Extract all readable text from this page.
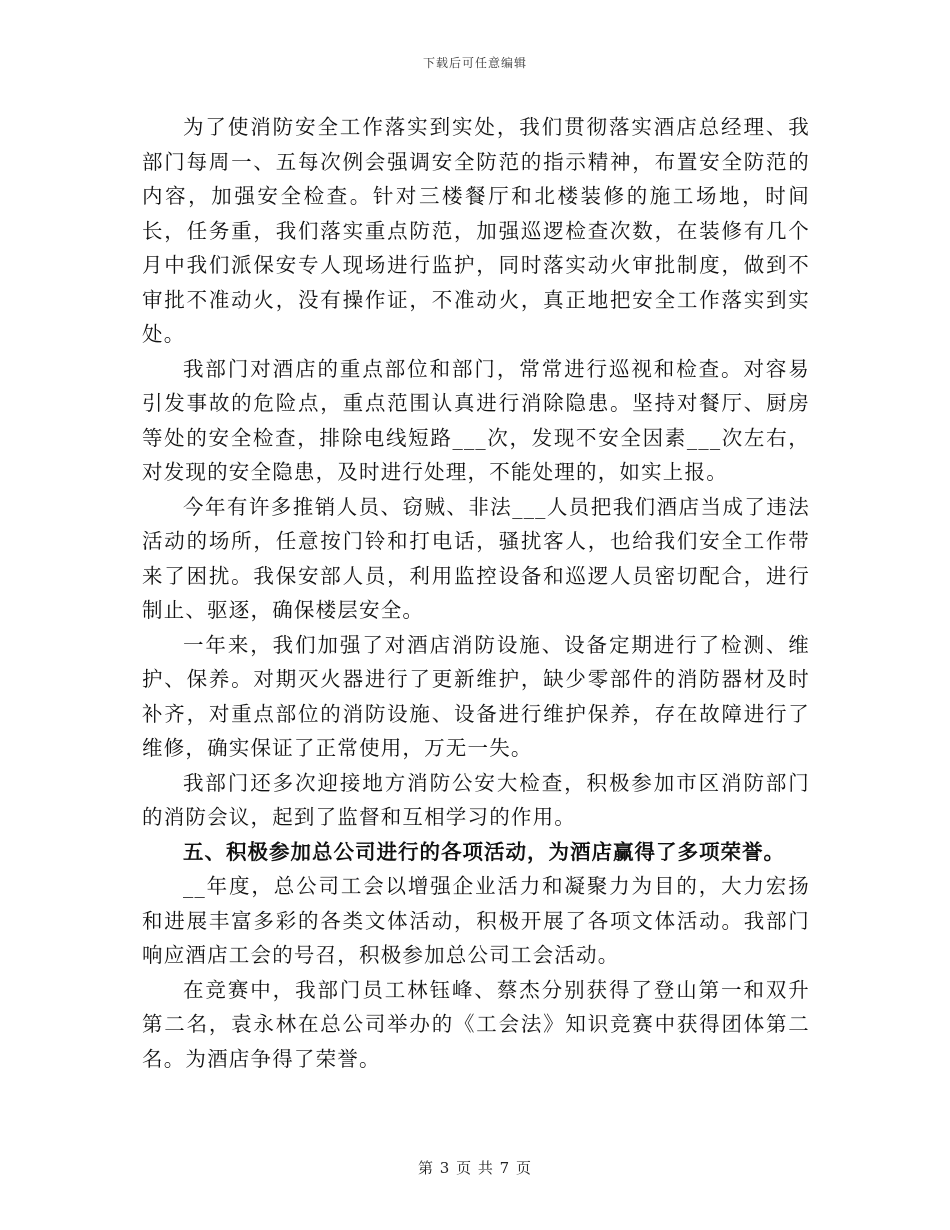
下载后可任意编辑

为了使消防安全工作落实到实处，我们贯彻落实酒店总经理、我部门每周一、五每次例会强调安全防范的指示精神，布置安全防范的内容，加强安全检查。针对三楼餐厅和北楼装修的施工场地，时间长，任务重，我们落实重点防范，加强巡逻检查次数，在装修有几个月中我们派保安专人现场进行监护，同时落实动火审批制度，做到不审批不准动火，没有操作证，不准动火，真正地把安全工作落实到实处。

我部门对酒店的重点部位和部门，常常进行巡视和检查。对容易引发事故的危险点，重点范围认真进行消除隐患。坚持对餐厅、厨房等处的安全检查，排除电线短路___次，发现不安全因素___次左右，对发现的安全隐患，及时进行处理，不能处理的，如实上报。

今年有许多推销人员、窃贼、非法___人员把我们酒店当成了违法活动的场所，任意按门铃和打电话，骚扰客人，也给我们安全工作带来了困扰。我保安部人员，利用监控设备和巡逻人员密切配合，进行制止、驱逐，确保楼层安全。

一年来，我们加强了对酒店消防设施、设备定期进行了检测、维护、保养。对期灭火器进行了更新维护，缺少零部件的消防器材及时补齐，对重点部位的消防设施、设备进行维护保养，存在故障进行了维修，确实保证了正常使用，万无一失。

我部门还多次迎接地方消防公安大检查，积极参加市区消防部门的消防会议，起到了监督和互相学习的作用。

五、积极参加总公司进行的各项活动，为酒店赢得了多项荣誉。

__年度，总公司工会以增强企业活力和凝聚力为目的，大力宏扬和进展丰富多彩的各类文体活动，积极开展了各项文体活动。我部门响应酒店工会的号召，积极参加总公司工会活动。

在竞赛中，我部门员工林钰峰、蔡杰分别获得了登山第一和双升第二名，袁永林在总公司举办的《工会法》知识竞赛中获得团体第二名。为酒店争得了荣誉。

第 3 页 共 7 页
